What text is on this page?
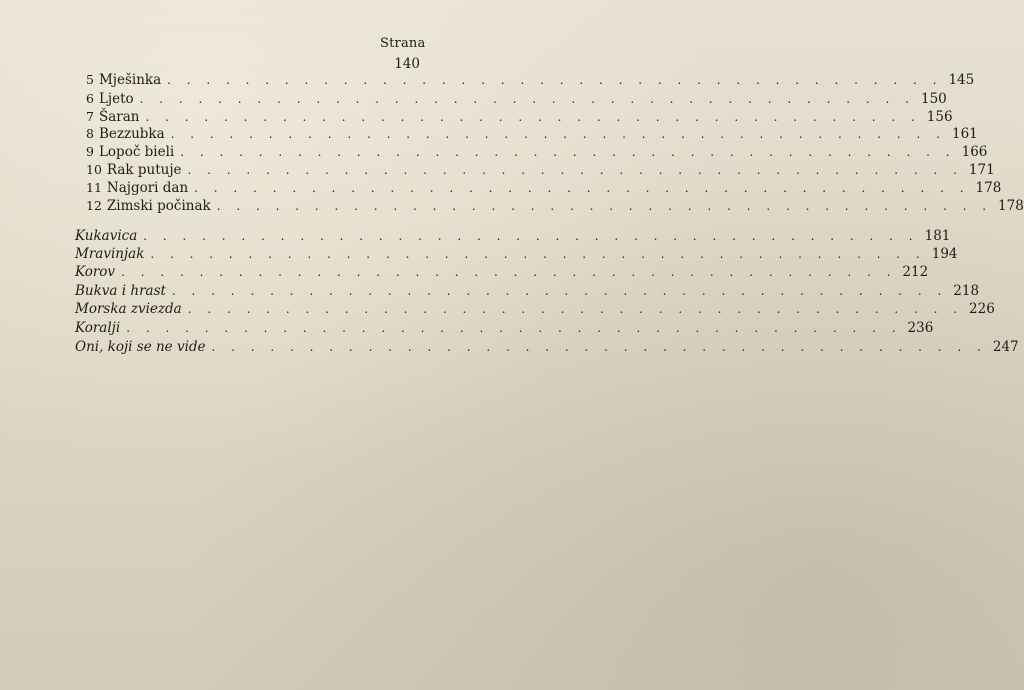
Strana
140
5 Mješinka . . . . . . . . . . . . . . . . . . . . . . . . . . . . . . . . . . . . . . . . 145
6 Ljeto . . . . . . . . . . . . . . . . . . . . . . . . . . . . . . . . . . . . . . . . 150
7 Šaran . . . . . . . . . . . . . . . . . . . . . . . . . . . . . . . . . . . . . . . . 156
8 Bezzubka . . . . . . . . . . . . . . . . . . . . . . . . . . . . . . . . . . . . . . . . 161
9 Lopoč bieli . . . . . . . . . . . . . . . . . . . . . . . . . . . . . . . . . . . . . . . . 166
10 Rak putuje . . . . . . . . . . . . . . . . . . . . . . . . . . . . . . . . . . . . . . . . 171
11 Najgori dan . . . . . . . . . . . . . . . . . . . . . . . . . . . . . . . . . . . . . . . . 178
12 Zimski počinak . . . . . . . . . . . . . . . . . . . . . . . . . . . . . . . . . . . . . . . . 178
Kukavica . . . . . . . . . . . . . . . . . . . . . . . . . . . . . . . . . . . . . . . . 181
Mravinjak . . . . . . . . . . . . . . . . . . . . . . . . . . . . . . . . . . . . . . . . 194
Korov . . . . . . . . . . . . . . . . . . . . . . . . . . . . . . . . . . . . . . . . 212
Bukva i hrast . . . . . . . . . . . . . . . . . . . . . . . . . . . . . . . . . . . . . . . . 218
Morska zviezda . . . . . . . . . . . . . . . . . . . . . . . . . . . . . . . . . . . . . . . . 226
Koralji . . . . . . . . . . . . . . . . . . . . . . . . . . . . . . . . . . . . . . . . 236
Oni, koji se ne vide . . . . . . . . . . . . . . . . . . . . . . . . . . . . . . . . . . . . . . . . 247
